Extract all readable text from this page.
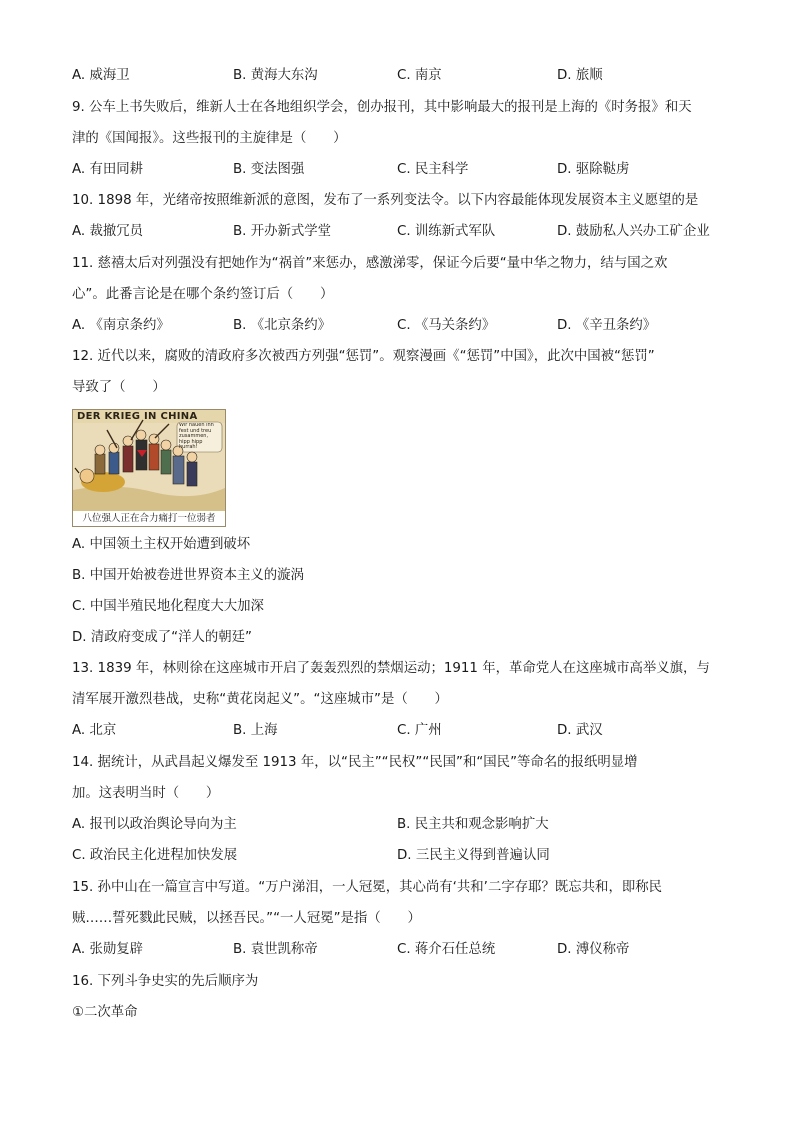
A. 威海卫	B. 黄海大东沟	C. 南京	D. 旅顺
9. 公车上书失败后，维新人士在各地组织学会，创办报刊，其中影响最大的报刊是上海的《时务报》和天
津的《国闻报》。这些报刊的主旋律是（　　）
A. 有田同耕	B. 变法图强	C. 民主科学	D. 驱除鞑虏
10. 1898 年，光绪帝按照维新派的意图，发布了一系列变法令。以下内容最能体现发展资本主义愿望的是
A. 裁撤冗员	B. 开办新式学堂	C. 训练新式军队	D. 鼓励私人兴办工矿企业
11. 慈禧太后对列强没有把她作为“祸首”来惩办，感激涕零，保证今后要“量中华之物力，结与国之欢
心”。此番言论是在哪个条约签订后（　　）
A. 《南京条约》	B. 《北京条约》	C. 《马关条约》	D. 《辛丑条约》
12. 近代以来，腐败的清政府多次被西方列强“惩罚”。观察漫画《“惩罚”中国》，此次中国被“惩罚”
导致了（　　）
DER KRIEG IN CHINA
Wir hauen ihn
fest und treu
zusammen,
hipp hipp
hurrah!
八位强人正在合力痛打一位弱者
A. 中国领土主权开始遭到破坏
B. 中国开始被卷进世界资本主义的漩涡
C. 中国半殖民地化程度大大加深
D. 清政府变成了“洋人的朝廷”
13. 1839 年，林则徐在这座城市开启了轰轰烈烈的禁烟运动；1911 年，革命党人在这座城市高举义旗，与
清军展开激烈巷战，史称“黄花岗起义”。“这座城市”是（　　）
A. 北京	B. 上海	C. 广州	D. 武汉
14. 据统计，从武昌起义爆发至 1913 年，以“民主”“民权”“民国”和“国民”等命名的报纸明显增
加。这表明当时（　　）
A. 报刊以政治舆论导向为主	B. 民主共和观念影响扩大
C. 政治民主化进程加快发展	D. 三民主义得到普遍认同
15. 孙中山在一篇宣言中写道。“万户涕泪，一人冠冕，其心尚有‘共和’二字存耶？既忘共和，即称民
贼……誓死戮此民贼，以拯吾民。”“一人冠冕”是指（　　）
A. 张勋复辟	B. 袁世凯称帝	C. 蒋介石任总统	D. 溥仪称帝
16. 下列斗争史实的先后顺序为
①二次革命
